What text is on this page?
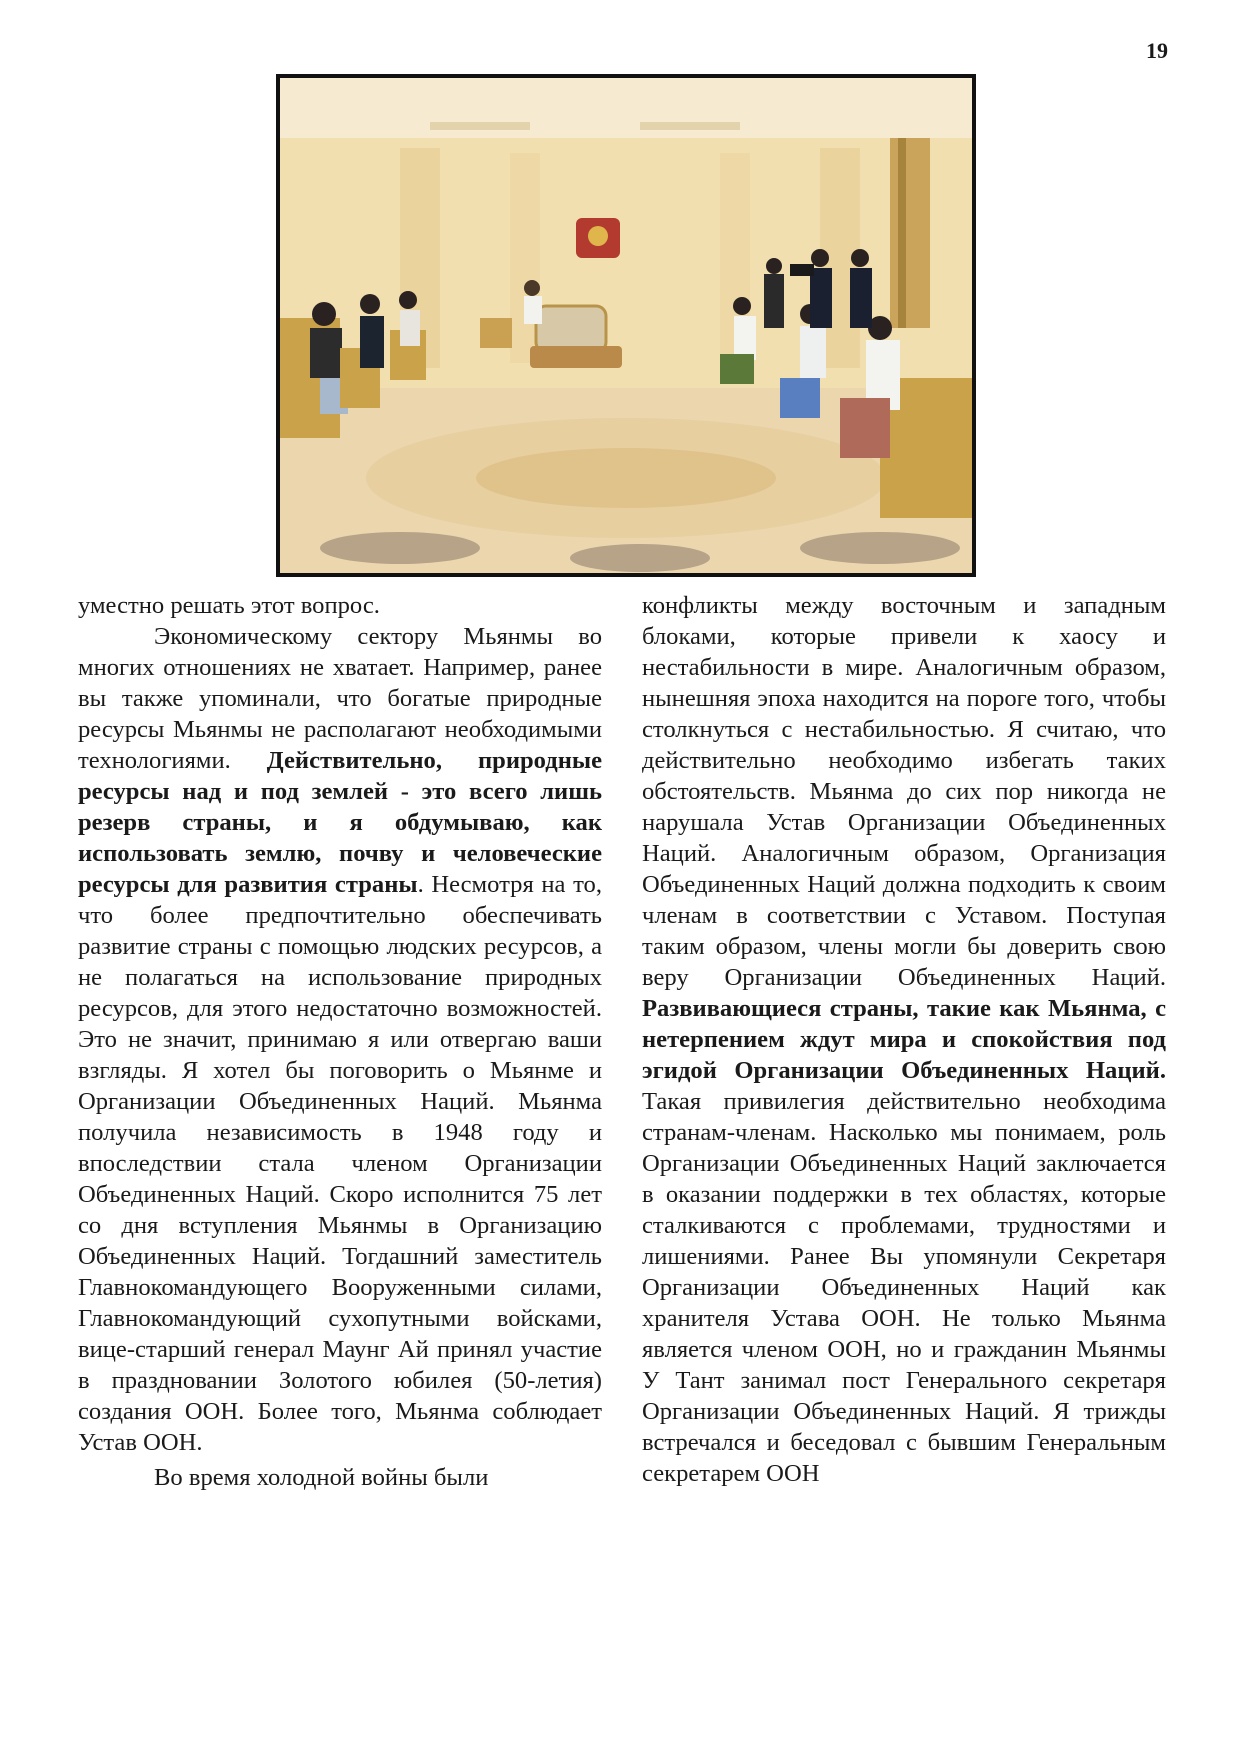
19

уместно решать этот вопрос.

Экономическому сектору Мьянмы во многих отношениях не хватает. Например, ранее вы также упоминали, что богатые природные ресурсы Мьянмы не располагают необходимыми технологиями. Действительно, природные ресурсы над и под землей - это всего лишь резерв страны, и я обдумываю, как использовать землю, почву и человеческие ресурсы для развития страны. Несмотря на то, что более предпочтительно обеспечивать развитие страны с помощью людских ресурсов, а не полагаться на использование природных ресурсов, для этого недостаточно возможностей. Это не значит, принимаю я или отвергаю ваши взгляды. Я хотел бы поговорить о Мьянме и Организации Объединенных Наций. Мьянма получила независимость в 1948 году и впоследствии стала членом Организации Объединенных Наций. Скоро исполнится 75 лет со дня вступления Мьянмы в Организацию Объединенных Наций. Тогдашний заместитель Главнокомандующего Вооруженными силами, Главнокомандующий сухопутными войсками, вице-старший генерал Маунг Ай принял участие в праздновании Золотого юбилея (50-летия) создания ООН. Более того, Мьянма соблюдает Устав ООН.

Во время холодной войны были

конфликты между восточным и западным блоками, которые привели к хаосу и нестабильности в мире. Аналогичным образом, нынешняя эпоха находится на пороге того, чтобы столкнуться с нестабильностью. Я считаю, что действительно необходимо избегать таких обстоятельств. Мьянма до сих пор никогда не нарушала Устав Организации Объединенных Наций. Аналогичным образом, Организация Объединенных Наций должна подходить к своим членам в соответствии с Уставом. Поступая таким образом, члены могли бы доверить свою веру Организации Объединенных Наций. Развивающиеся страны, такие как Мьянма, с нетерпением ждут мира и спокойствия под эгидой Организации Объединенных Наций. Такая привилегия действительно необходима странам-членам. Насколько мы понимаем, роль Организации Объединенных Наций заключается в оказании поддержки в тех областях, которые сталкиваются с проблемами, трудностями и лишениями. Ранее Вы упомянули Секретаря Организации Объединенных Наций как хранителя Устава ООН. Не только Мьянма является членом ООН, но и гражданин Мьянмы У Тант занимал пост Генерального секретаря Организации Объединенных Наций. Я трижды встречался и беседовал с бывшим Генеральным секретарем ООН
